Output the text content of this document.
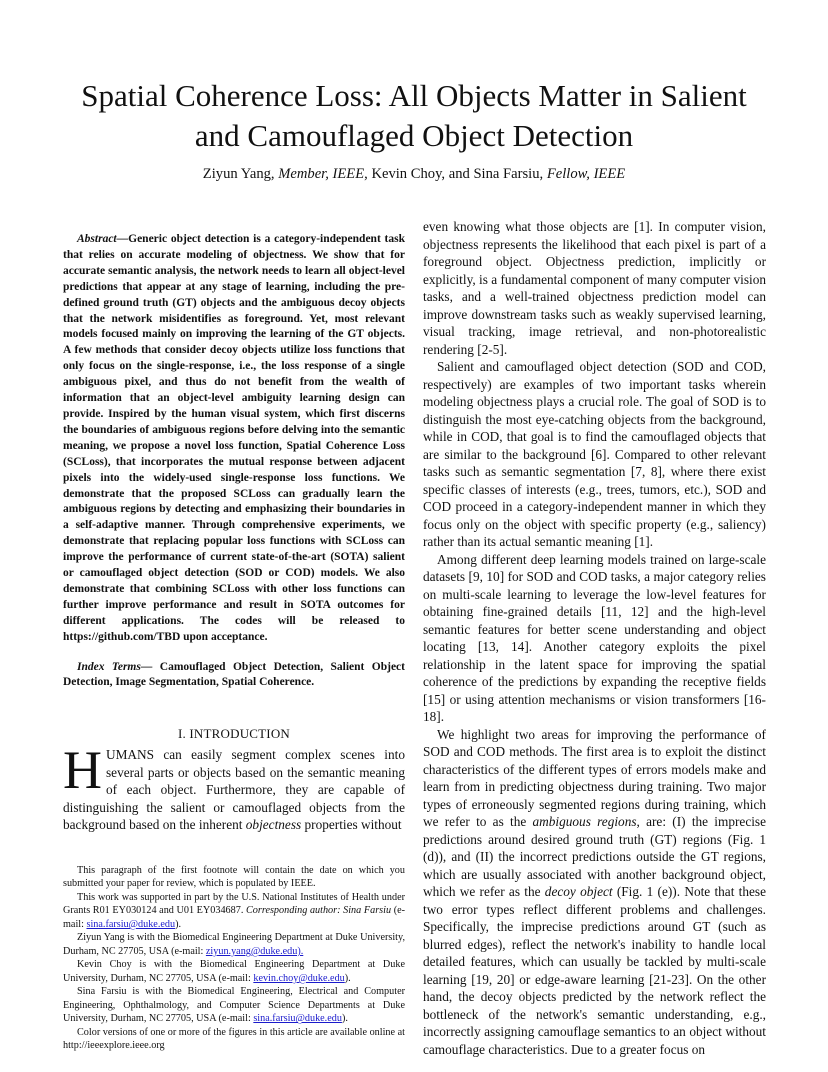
Spatial Coherence Loss: All Objects Matter in Salient
and Camouflaged Object Detection
Ziyun Yang, Member, IEEE, Kevin Choy, and Sina Farsiu, Fellow, IEEE

Abstract—Generic object detection is a category-independent task that relies on accurate modeling of objectness. We show that for accurate semantic analysis, the network needs to learn all object-level predictions that appear at any stage of learning, including the pre-defined ground truth (GT) objects and the ambiguous decoy objects that the network misidentifies as foreground. Yet, most relevant models focused mainly on improving the learning of the GT objects. A few methods that consider decoy objects utilize loss functions that only focus on the single-response, i.e., the loss response of a single ambiguous pixel, and thus do not benefit from the wealth of information that an object-level ambiguity learning design can provide. Inspired by the human visual system, which first discerns the boundaries of ambiguous regions before delving into the semantic meaning, we propose a novel loss function, Spatial Coherence Loss (SCLoss), that incorporates the mutual response between adjacent pixels into the widely-used single-response loss functions. We demonstrate that the proposed SCLoss can gradually learn the ambiguous regions by detecting and emphasizing their boundaries in a self-adaptive manner. Through comprehensive experiments, we demonstrate that replacing popular loss functions with SCLoss can improve the performance of current state-of-the-art (SOTA) salient or camouflaged object detection (SOD or COD) models. We also demonstrate that combining SCLoss with other loss functions can further improve performance and result in SOTA outcomes for different applications. The codes will be released to https://github.com/TBD upon acceptance.

Index Terms— Camouflaged Object Detection, Salient Object Detection, Image Segmentation, Spatial Coherence.

I. INTRODUCTION

HUMANS can easily segment complex scenes into several parts or objects based on the semantic meaning of each object. Furthermore, they are capable of distinguishing the salient or camouflaged objects from the background based on the inherent objectness properties without

This paragraph of the first footnote will contain the date on which you submitted your paper for review, which is populated by IEEE.

This work was supported in part by the U.S. National Institutes of Health under Grants R01 EY030124 and U01 EY034687. Corresponding author: Sina Farsiu (e-mail: sina.farsiu@duke.edu).

Ziyun Yang is with the Biomedical Engineering Department at Duke University, Durham, NC 27705, USA (e-mail: ziyun.yang@duke.edu).

Kevin Choy is with the Biomedical Engineering Department at Duke University, Durham, NC 27705, USA (e-mail: kevin.choy@duke.edu).

Sina Farsiu is with the Biomedical Engineering, Electrical and Computer Engineering, Ophthalmology, and Computer Science Departments at Duke University, Durham, NC 27705, USA (e-mail: sina.farsiu@duke.edu).

Color versions of one or more of the figures in this article are available online at http://ieeexplore.ieee.org

even knowing what those objects are [1]. In computer vision, objectness represents the likelihood that each pixel is part of a foreground object. Objectness prediction, implicitly or explicitly, is a fundamental component of many computer vision tasks, and a well-trained objectness prediction model can improve downstream tasks such as weakly supervised learning, visual tracking, image retrieval, and non-photorealistic rendering [2-5].

Salient and camouflaged object detection (SOD and COD, respectively) are examples of two important tasks wherein modeling objectness plays a crucial role. The goal of SOD is to distinguish the most eye-catching objects from the background, while in COD, that goal is to find the camouflaged objects that are similar to the background [6]. Compared to other relevant tasks such as semantic segmentation [7, 8], where there exist specific classes of interests (e.g., trees, tumors, etc.), SOD and COD proceed in a category-independent manner in which they focus only on the object with specific property (e.g., saliency) rather than its actual semantic meaning [1].

Among different deep learning models trained on large-scale datasets [9, 10] for SOD and COD tasks, a major category relies on multi-scale learning to leverage the low-level features for obtaining fine-grained details [11, 12] and the high-level semantic features for better scene understanding and object locating [13, 14]. Another category exploits the pixel relationship in the latent space for improving the spatial coherence of the predictions by expanding the receptive fields [15] or using attention mechanisms or vision transformers [16-18].

We highlight two areas for improving the performance of SOD and COD methods. The first area is to exploit the distinct characteristics of the different types of errors models make and learn from in predicting objectness during training. Two major types of erroneously segmented regions during training, which we refer to as the ambiguous regions, are: (I) the imprecise predictions around desired ground truth (GT) regions (Fig. 1 (d)), and (II) the incorrect predictions outside the GT regions, which are usually associated with another background object, which we refer as the decoy object (Fig. 1 (e)). Note that these two error types reflect different problems and challenges. Specifically, the imprecise predictions around GT (such as blurred edges), reflect the network's inability to handle local detailed features, which can usually be tackled by multi-scale learning [19, 20] or edge-aware learning [21-23]. On the other hand, the decoy objects predicted by the network reflect the bottleneck of the network's semantic understanding, e.g., incorrectly assigning camouflage semantics to an object without camouflage characteristics. Due to a greater focus on
